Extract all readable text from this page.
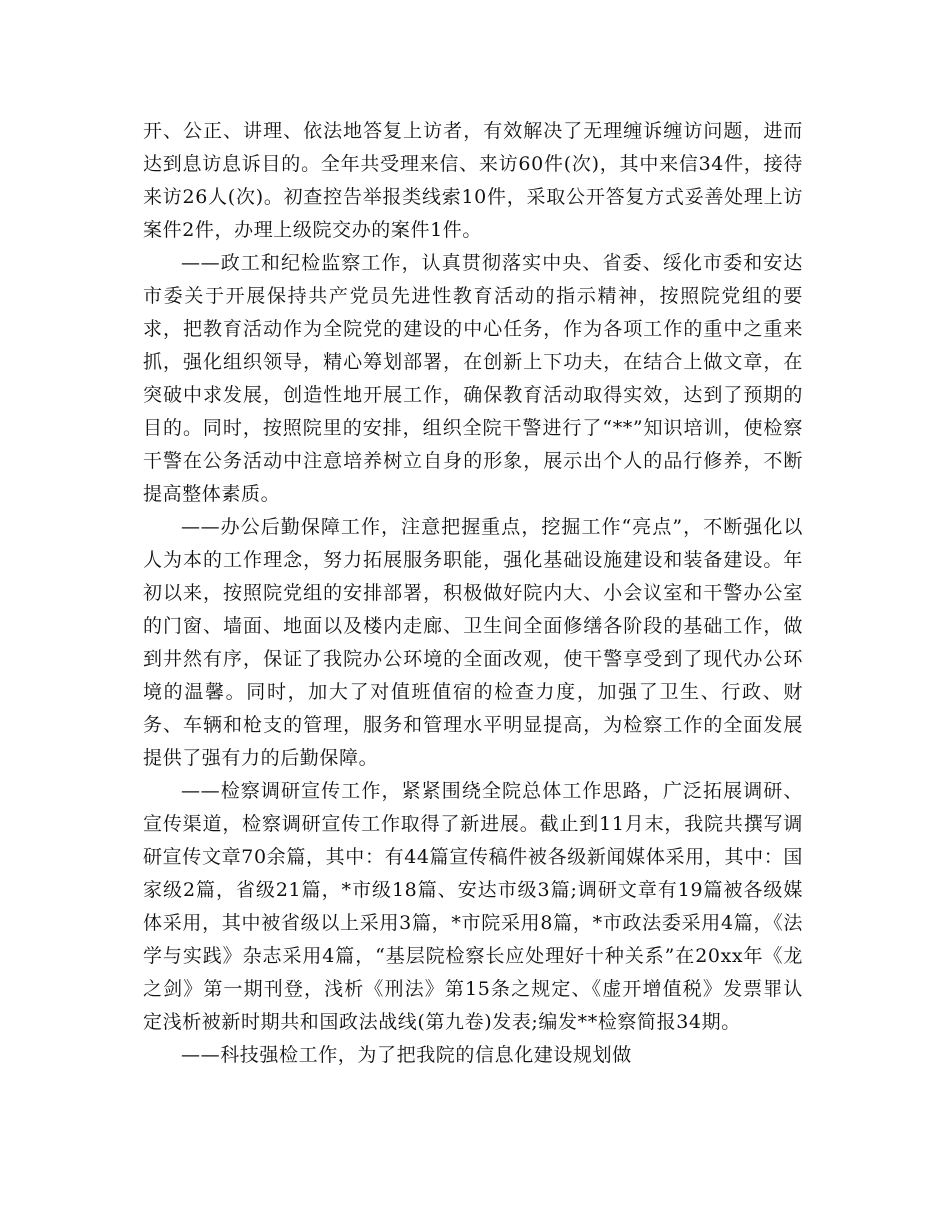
开、公正、讲理、依法地答复上访者，有效解决了无理缠诉缠访问题，进而达到息访息诉目的。全年共受理来信、来访60件(次)，其中来信34件，接待来访26人(次)。初查控告举报类线索10件，采取公开答复方式妥善处理上访案件2件，办理上级院交办的案件1件。

——政工和纪检监察工作，认真贯彻落实中央、省委、绥化市委和安达市委关于开展保持共产党员先进性教育活动的指示精神，按照院党组的要求，把教育活动作为全院党的建设的中心任务，作为各项工作的重中之重来抓，强化组织领导，精心筹划部署，在创新上下功夫，在结合上做文章，在突破中求发展，创造性地开展工作，确保教育活动取得实效，达到了预期的目的。同时，按照院里的安排，组织全院干警进行了“**”知识培训，使检察干警在公务活动中注意培养树立自身的形象，展示出个人的品行修养，不断提高整体素质。

——办公后勤保障工作，注意把握重点，挖掘工作“亮点”，不断强化以人为本的工作理念，努力拓展服务职能，强化基础设施建设和装备建设。年初以来，按照院党组的安排部署，积极做好院内大、小会议室和干警办公室的门窗、墙面、地面以及楼内走廊、卫生间全面修缮各阶段的基础工作，做到井然有序，保证了我院办公环境的全面改观，使干警享受到了现代办公环境的温馨。同时，加大了对值班值宿的检查力度，加强了卫生、行政、财务、车辆和枪支的管理，服务和管理水平明显提高，为检察工作的全面发展提供了强有力的后勤保障。

——检察调研宣传工作，紧紧围绕全院总体工作思路，广泛拓展调研、宣传渠道，检察调研宣传工作取得了新进展。截止到11月末，我院共撰写调研宣传文章70余篇，其中：有44篇宣传稿件被各级新闻媒体采用，其中：国家级2篇，省级21篇，*市级18篇、安达市级3篇;调研文章有19篇被各级媒体采用，其中被省级以上采用3篇，*市院采用8篇，*市政法委采用4篇，《法学与实践》杂志采用4篇，“基层院检察长应处理好十种关系”在20xx年《龙之剑》第一期刊登，浅析《刑法》第15条之规定、《虚开增值税》发票罪认定浅析被新时期共和国政法战线(第九卷)发表;编发**检察简报34期。

——科技强检工作，为了把我院的信息化建设规划做
